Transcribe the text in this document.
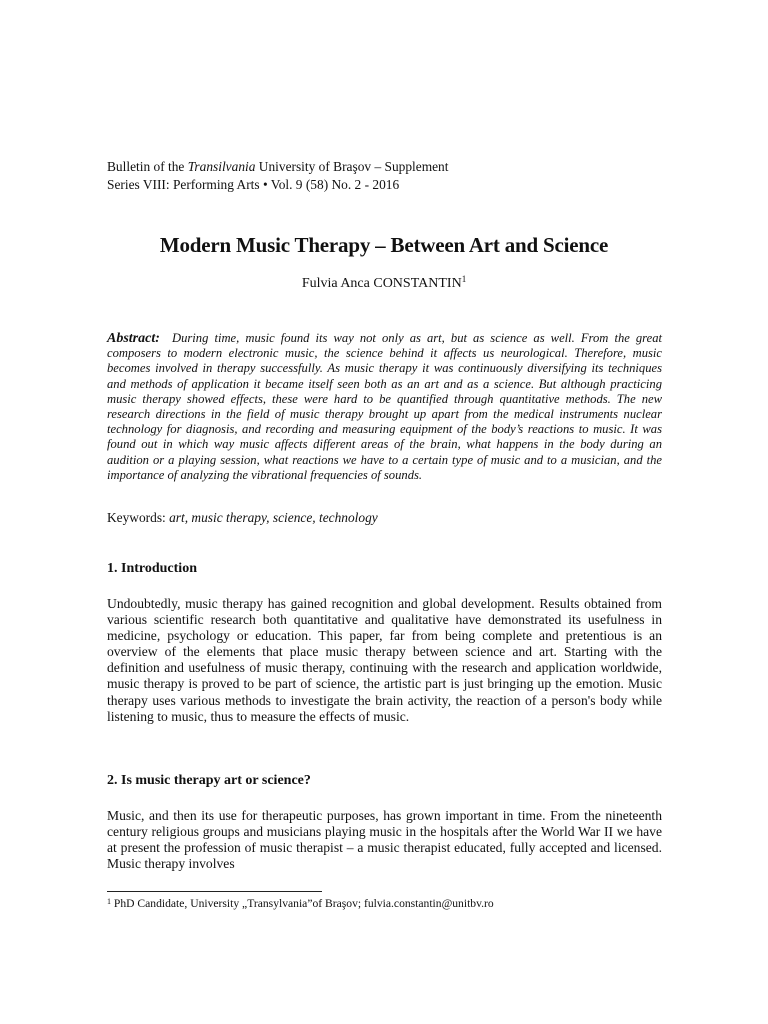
Bulletin of the Transilvania University of Braşov – Supplement
Series VIII: Performing Arts • Vol. 9 (58) No. 2 - 2016
Modern Music Therapy – Between Art and Science
Fulvia Anca CONSTANTIN$^1$
Abstract: During time, music found its way not only as art, but as science as well. From the great composers to modern electronic music, the science behind it affects us neurological. Therefore, music becomes involved in therapy successfully. As music therapy it was continuously diversifying its techniques and methods of application it became itself seen both as an art and as a science. But although practicing music therapy showed effects, these were hard to be quantified through quantitative methods. The new research directions in the field of music therapy brought up apart from the medical instruments nuclear technology for diagnosis, and recording and measuring equipment of the body’s reactions to music. It was found out in which way music affects different areas of the brain, what happens in the body during an audition or a playing session, what reactions we have to a certain type of music and to a musician, and the importance of analyzing the vibrational frequencies of sounds.
Keywords: art, music therapy, science, technology
1. Introduction
Undoubtedly, music therapy has gained recognition and global development. Results obtained from various scientific research both quantitative and qualitative have demonstrated its usefulness in medicine, psychology or education. This paper, far from being complete and pretentious is an overview of the elements that place music therapy between science and art. Starting with the definition and usefulness of music therapy, continuing with the research and application worldwide, music therapy is proved to be part of science, the artistic part is just bringing up the emotion. Music therapy uses various methods to investigate the brain activity, the reaction of a person's body while listening to music, thus to measure the effects of music.
2. Is music therapy art or science?
Music, and then its use for therapeutic purposes, has grown important in time. From the nineteenth century religious groups and musicians playing music in the hospitals after the World War II we have at present the profession of music therapist – a music therapist educated, fully accepted and licensed. Music therapy involves
$^1$ PhD Candidate, University „Transylvania”of Braşov; fulvia.constantin@unitbv.ro
